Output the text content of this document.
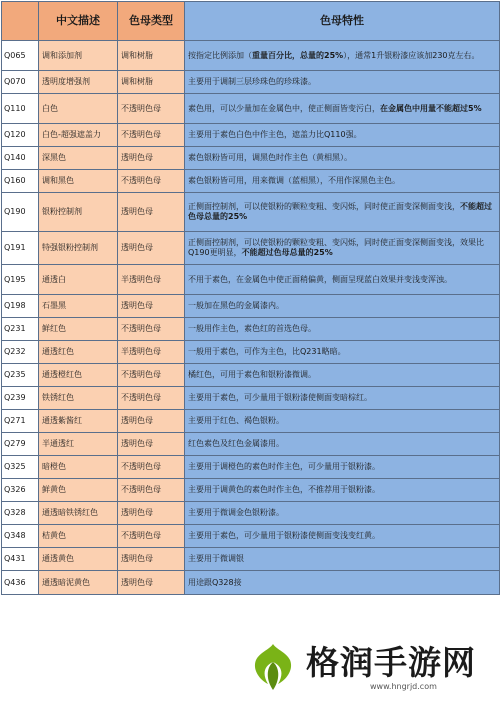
	中文描述	色母类型	色母特性
Q065	调和添加剂	调和树脂	按指定比例添加（重量百分比，总量的25%），通常1升银粉漆应该加230克左右。
Q070	透明度增强剂	调和树脂	主要用于调制三层珍珠色的珍珠漆。
Q110	白色	不透明色母	素色用，可以少量加在金属色中，使正侧面皆变污白，在金属色中用量不能超过5%
Q120	白色-超强遮盖力	不透明色母	主要用于素色白色中作主色，遮盖力比Q110强。
Q140	深黑色	透明色母	素色银粉皆可用，调黑色时作主色（黄相黑）。
Q160	调和黑色	不透明色母	素色银粉皆可用，用来微调（蓝相黑），不用作深黑色主色。
Q190	银粉控制剂	透明色母	正侧面控制剂，可以使银粉的颗粒变粗、变闪烁，同时使正面变深侧面变浅，不能超过色母总量的25%
Q191	特强银粉控制剂	透明色母	正侧面控制剂，可以使银粉的颗粒变粗、变闪烁，同时使正面变深侧面变浅，效果比Q190更明显，不能超过色母总量的25%
Q195	通透白	半透明色母	不用于素色，在金属色中使正面稍偏黄，侧面呈现蓝白效果并变浅变浑浊。
Q198	石墨黑	透明色母	一般加在黑色的金属漆内。
Q231	鲜红色	不透明色母	一般用作主色，素色红的首选色母。
Q232	通透红色	半透明色母	一般用于素色，可作为主色，比Q231略暗。
Q235	通透橙红色	不透明色母	橘红色，可用于素色和银粉漆微调。
Q239	铁锈红色	不透明色母	主要用于素色，可少量用于银粉漆使侧面变暗棕红。
Q271	通透紫酱红	透明色母	主要用于红色、褐色银粉。
Q279	半通透红	透明色母	红色素色及红色金属漆用。
Q325	暗橙色	不透明色母	主要用于调橙色的素色时作主色，可少量用于银粉漆。
Q326	鲜黄色	不透明色母	主要用于调黄色的素色时作主色，不推荐用于银粉漆。
Q328	通透暗铁锈红色	透明色母	主要用于微调金色银粉漆。
Q348	桔黄色	不透明色母	主要用于素色，可少量用于银粉漆使侧面变浅变红黄。
Q431	通透黄色	透明色母	主要用于微调银
Q436	通透暗泥黄色	透明色母	用途跟Q328接
格润手游网
www.hngrjd.com
